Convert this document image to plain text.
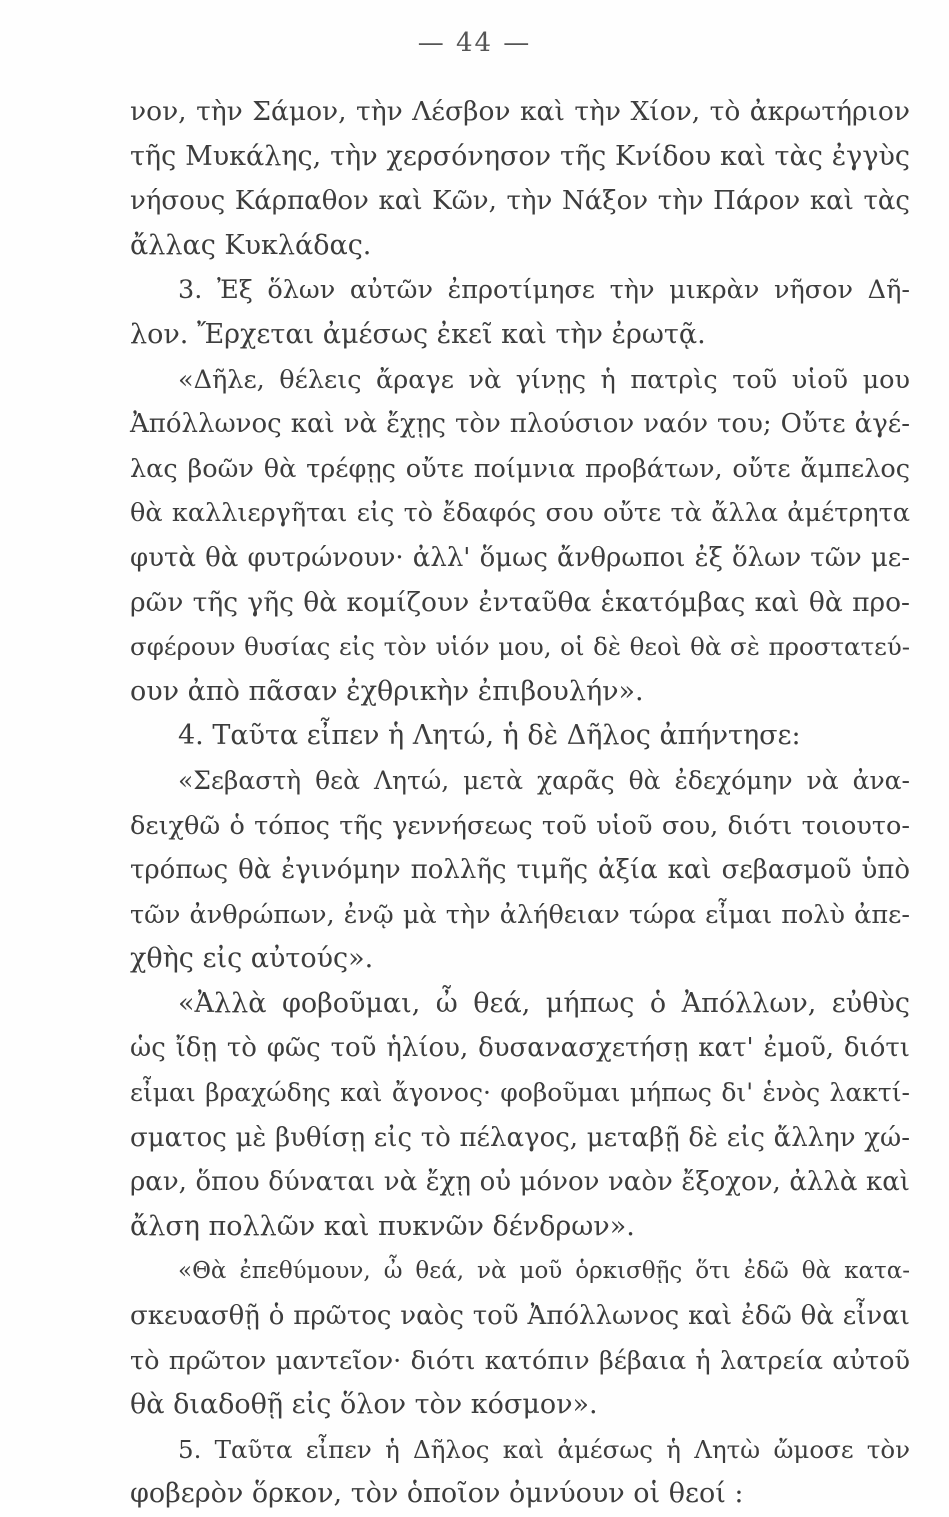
— 44 —
νον, τὴν Σάμον, τὴν Λέσβον καὶ τὴν Χίον, τὸ ἀκρωτήριον
τῆς Μυκάλης, τὴν χερσόνησον τῆς Κνίδου καὶ τὰς ἐγγὺς
νήσους Κάρπαθον καὶ Κῶν, τὴν Νάξον τὴν Πάρον καὶ τὰς
ἄλλας Κυκλάδας.
3. Ἐξ ὅλων αὐτῶν ἐπροτίμησε τὴν μικρὰν νῆσον Δῆ-
λον. Ἔρχεται ἀμέσως ἐκεῖ καὶ τὴν ἐρωτᾷ.
«Δῆλε, θέλεις ἄραγε νὰ γίνῃς ἡ πατρὶς τοῦ υἱοῦ μου
Ἀπόλλωνος καὶ νὰ ἔχῃς τὸν πλούσιον ναόν του; Οὔτε ἀγέ-
λας βοῶν θὰ τρέφῃς οὔτε ποίμνια προβάτων, οὔτε ἄμπελος
θὰ καλλιεργῆται εἰς τὸ ἔδαφός σου οὔτε τὰ ἄλλα ἀμέτρητα
φυτὰ θὰ φυτρώνουν· ἀλλ' ὅμως ἄνθρωποι ἐξ ὅλων τῶν με-
ρῶν τῆς γῆς θὰ κομίζουν ἐνταῦθα ἑκατόμβας καὶ θὰ προ-
σφέρουν θυσίας εἰς τὸν υἱόν μου, οἱ δὲ θεοὶ θὰ σὲ προστατεύ-
ουν ἀπὸ πᾶσαν ἐχθρικὴν ἐπιβουλήν».
4. Ταῦτα εἶπεν ἡ Λητώ, ἡ δὲ Δῆλος ἀπήντησε:
«Σεβαστὴ θεὰ Λητώ, μετὰ χαρᾶς θὰ ἐδεχόμην νὰ ἀνα-
δειχθῶ ὁ τόπος τῆς γεννήσεως τοῦ υἱοῦ σου, διότι τοιουτο-
τρόπως θὰ ἐγινόμην πολλῆς τιμῆς ἀξία καὶ σεβασμοῦ ὑπὸ
τῶν ἀνθρώπων, ἐνῷ μὰ τὴν ἀλήθειαν τώρα εἶμαι πολὺ ἀπε-
χθὴς εἰς αὐτούς».
«Ἀλλὰ φοβοῦμαι, ὦ θεά, μήπως ὁ Ἀπόλλων, εὐθὺς
ὡς ἴδῃ τὸ φῶς τοῦ ἡλίου, δυσανασχετήσῃ κατ' ἐμοῦ, διότι
εἶμαι βραχώδης καὶ ἄγονος· φοβοῦμαι μήπως δι' ἑνὸς λακτί-
σματος μὲ βυθίσῃ εἰς τὸ πέλαγος, μεταβῇ δὲ εἰς ἄλλην χώ-
ραν, ὅπου δύναται νὰ ἔχῃ οὐ μόνον ναὸν ἔξοχον, ἀλλὰ καὶ
ἄλση πολλῶν καὶ πυκνῶν δένδρων».
«Θὰ ἐπεθύμουν, ὦ θεά, νὰ μοῦ ὁρκισθῇς ὅτι ἐδῶ θὰ κατα-
σκευασθῇ ὁ πρῶτος ναὸς τοῦ Ἀπόλλωνος καὶ ἐδῶ θὰ εἶναι
τὸ πρῶτον μαντεῖον· διότι κατόπιν βέβαια ἡ λατρεία αὐτοῦ
θὰ διαδοθῇ εἰς ὅλον τὸν κόσμον».
5. Ταῦτα εἶπεν ἡ Δῆλος καὶ ἀμέσως ἡ Λητὼ ὤμοσε τὸν
φοβερὸν ὅρκον, τὸν ὁποῖον ὀμνύουν οἱ θεοί :
